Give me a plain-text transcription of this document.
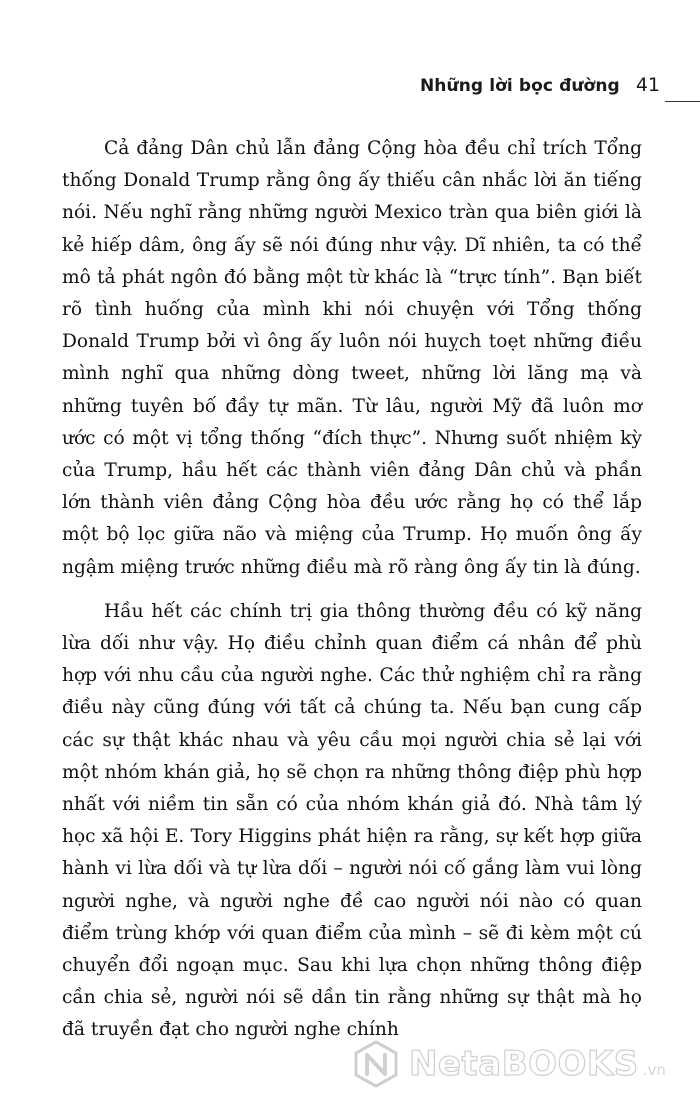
Những lời bọc đường 41

Cả đảng Dân chủ lẫn đảng Cộng hòa đều chỉ trích Tổng thống Donald Trump rằng ông ấy thiếu cân nhắc lời ăn tiếng nói. Nếu nghĩ rằng những người Mexico tràn qua biên giới là kẻ hiếp dâm, ông ấy sẽ nói đúng như vậy. Dĩ nhiên, ta có thể mô tả phát ngôn đó bằng một từ khác là “trực tính”. Bạn biết rõ tình huống của mình khi nói chuyện với Tổng thống Donald Trump bởi vì ông ấy luôn nói huỵch toẹt những điều mình nghĩ qua những dòng tweet, những lời lăng mạ và những tuyên bố đầy tự mãn. Từ lâu, người Mỹ đã luôn mơ ước có một vị tổng thống “đích thực”. Nhưng suốt nhiệm kỳ của Trump, hầu hết các thành viên đảng Dân chủ và phần lớn thành viên đảng Cộng hòa đều ước rằng họ có thể lắp một bộ lọc giữa não và miệng của Trump. Họ muốn ông ấy ngậm miệng trước những điều mà rõ ràng ông ấy tin là đúng.

Hầu hết các chính trị gia thông thường đều có kỹ năng lừa dối như vậy. Họ điều chỉnh quan điểm cá nhân để phù hợp với nhu cầu của người nghe. Các thử nghiệm chỉ ra rằng điều này cũng đúng với tất cả chúng ta. Nếu bạn cung cấp các sự thật khác nhau và yêu cầu mọi người chia sẻ lại với một nhóm khán giả, họ sẽ chọn ra những thông điệp phù hợp nhất với niềm tin sẵn có của nhóm khán giả đó. Nhà tâm lý học xã hội E. Tory Higgins phát hiện ra rằng, sự kết hợp giữa hành vi lừa dối và tự lừa dối – người nói cố gắng làm vui lòng người nghe, và người nghe đề cao người nói nào có quan điểm trùng khớp với quan điểm của mình – sẽ đi kèm một cú chuyển đổi ngoạn mục. Sau khi lựa chọn những thông điệp cần chia sẻ, người nói sẽ dần tin rằng những sự thật mà họ đã truyền đạt cho người nghe chính

NetaBOOKS .vn
